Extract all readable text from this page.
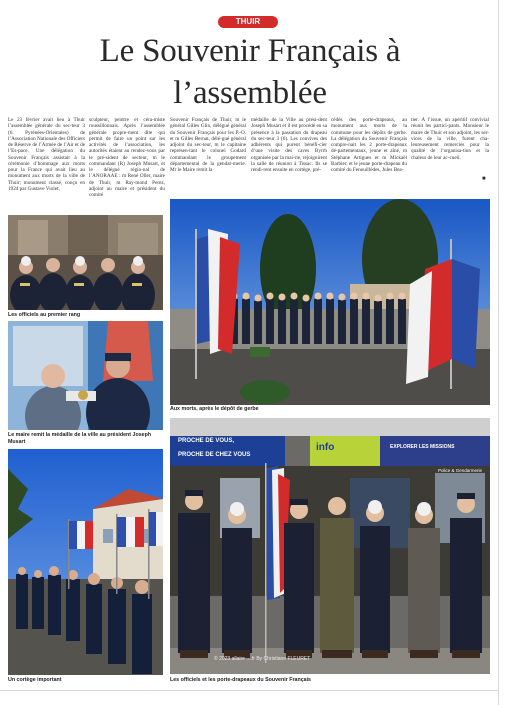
THUIR
Le Souvenir Français à l’assemblée

Le 23 février avait lieu à Thuir l’assemblée générale du sec-teur 3 (6. Pyrénées-Orientales) de l’Association Nationale des Officiers de Réserve de l’Armée de l’Air et de l’Es-pace. Une délégation du Souvenir Français assistait à la cérémonie d’hommage aux morts pour la France qui avait lieu au monument aux morts de la ville de Thuir; monument classé, conçu en 1924 par Gustave Violet,

sculpteur, peintre et céra-miste roussillonnais. Après l’assemblée générale propre-ment dite qui permit de faire un point sur les activités de l’association, les autorités étaient au rendez-vous par le pré-sident de secteur, m le commandant (R) Joseph Musart, et le délégué régio-nal de l’ANORAAE : m René Oller, maire de Thuir, m Ray-mond Perez, adjoint au maire et président du comité

Souvenir Français de Thuir, m le général Gilles Glin, délégué général du Souvenir Français pour les P.-O. et m Gilles Bernat, délé-gué général adjoint du sec-teur, m le capitaine représen-tant le colonel Godard commandant le groupement départemental de la gendar-merie. Mr le Maire remit la

médaille de la Ville au prési-dent Joseph Musart et il est procédé en sa présence à la passation du drapeau du sec-teur 3 (6). Les convives des adhérents qui purent bénéfi-cier d’une visite des caves Byrrh organisée par la mai-rie, rejoignirent la salle de réunion à Tissac. Ils se rendi-rent ensuite en cortège, pré-

cédés des porte-drapeaux, au monument aux morts de la commune pour les dépôts de gerbe. La délégation du Souvenir Français compre-nait les 2 porte-drapeaux dé-partementaux, jeune et aîné, m Stéphane Artigues et m Mickaël Barbier, et le jeune porte-drapeau du comité du Fenouillèdes, Jules Bea-

tier. À l’issue, un apéritif convivial réunit les partici-pants. Monsieur le maire de Thuir et son adjoint, les ser-vices de la ville, furent cha-leureusement remerciés pour la qualité de l’organisa-tion et la chaleur de leur ac-cueil.

■
Les officiels au premier rang
Le maire remit la médaille de la ville au président Joseph Musart
Un cortège important
Aux morts, après le dépôt de gerbe
PROCHE DE VOUS,
PROCHE DE CHEZ VOUS
info	EXPLORER LES MISSIONS
Police & Gendarmerie
© 2023 allaire ....fr By Christiane FLEURET
Les officiels et les porte-drapeaux du Souvenir Français
